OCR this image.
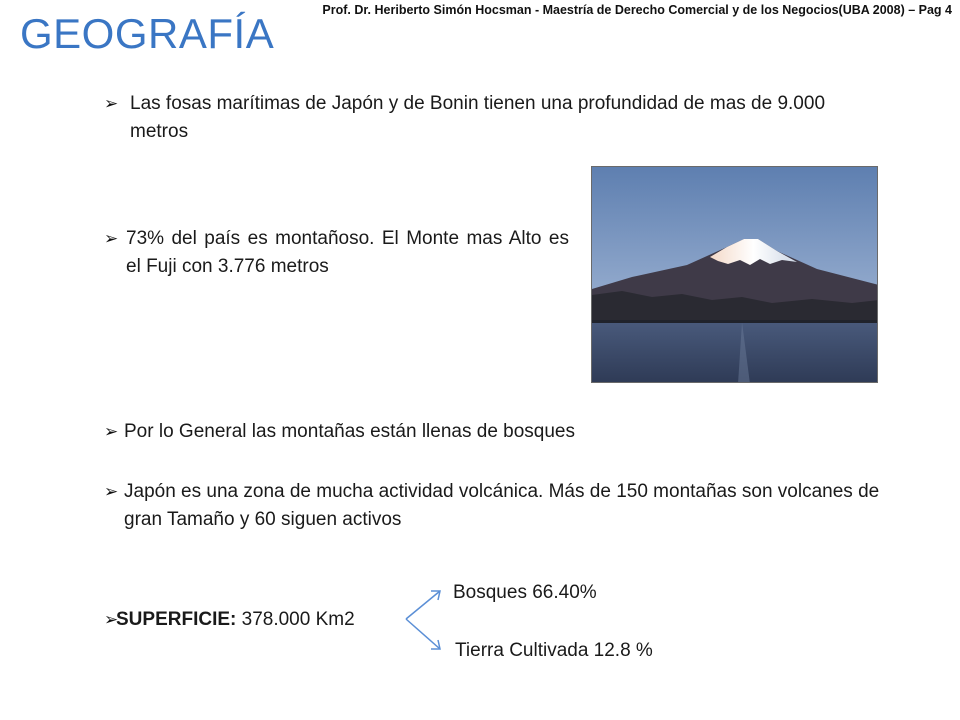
Prof. Dr. Heriberto Simón Hocsman - Maestría de Derecho Comercial y de los Negocios(UBA 2008) – Pag 4
GEOGRAFÍA
➢ Las fosas marítimas de Japón y de Bonin tienen una profundidad de mas de 9.000 metros
➢ 73% del país es montañoso. El Monte mas Alto es el Fuji con 3.776 metros
➢ Por lo General las montañas están llenas de bosques
➢ Japón es una zona de mucha actividad volcánica. Más de 150 montañas son volcanes de gran Tamaño y 60 siguen activos
➢
SUPERFICIE: 378.000 Km2
Bosques 66.40%
Tierra Cultivada 12.8 %
